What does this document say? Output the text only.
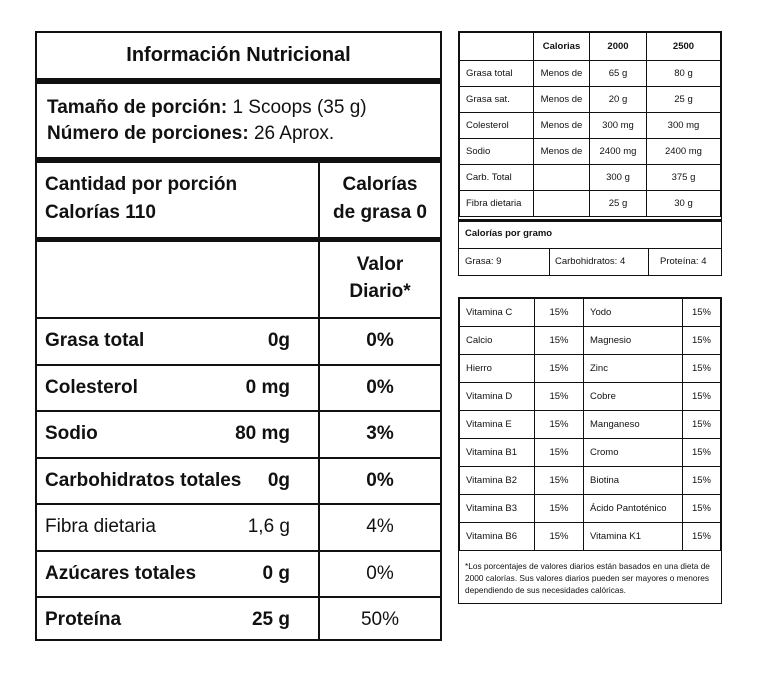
Información Nutricional
Tamaño de porción: 1 Scoops (35 g)
Número de porciones: 26 Aprox.
Cantidad por porción
Calorías 110
Calorías
de grasa 0
Valor
Diario*
Grasa total	0g	0%
Colesterol	0 mg	0%
Sodio	80 mg	3%
Carbohidratos totales 0g	0%
Fibra dietaria	1,6 g	4%
Azúcares totales	0 g	0%
Proteína	25 g	50%
	Calorias	2000	2500
Grasa total	Menos de	65 g	80 g
Grasa sat.	Menos de	20 g	25 g
Colesterol	Menos de	300 mg	300 mg
Sodio	Menos de	2400 mg	2400 mg
Carb. Total		300 g	375 g
Fibra dietaria		25 g	30 g
Calorías por gramo
Grasa: 9	Carbohidratos: 4	Proteína: 4
Vitamina C	15%	Yodo	15%
Calcio	15%	Magnesio	15%
Hierro	15%	Zinc	15%
Vitamina D	15%	Cobre	15%
Vitamina E	15%	Manganeso	15%
Vitamina B1	15%	Cromo	15%
Vitamina B2	15%	Biotina	15%
Vitamina B3	15%	Ácido Pantoténico	15%
Vitamina B6	15%	Vitamina K1	15%
*Los porcentajes de valores diarios están basados en una dieta de 2000 calorías. Sus valores diarios pueden ser mayores o menores dependiendo de sus necesidades calóricas.
